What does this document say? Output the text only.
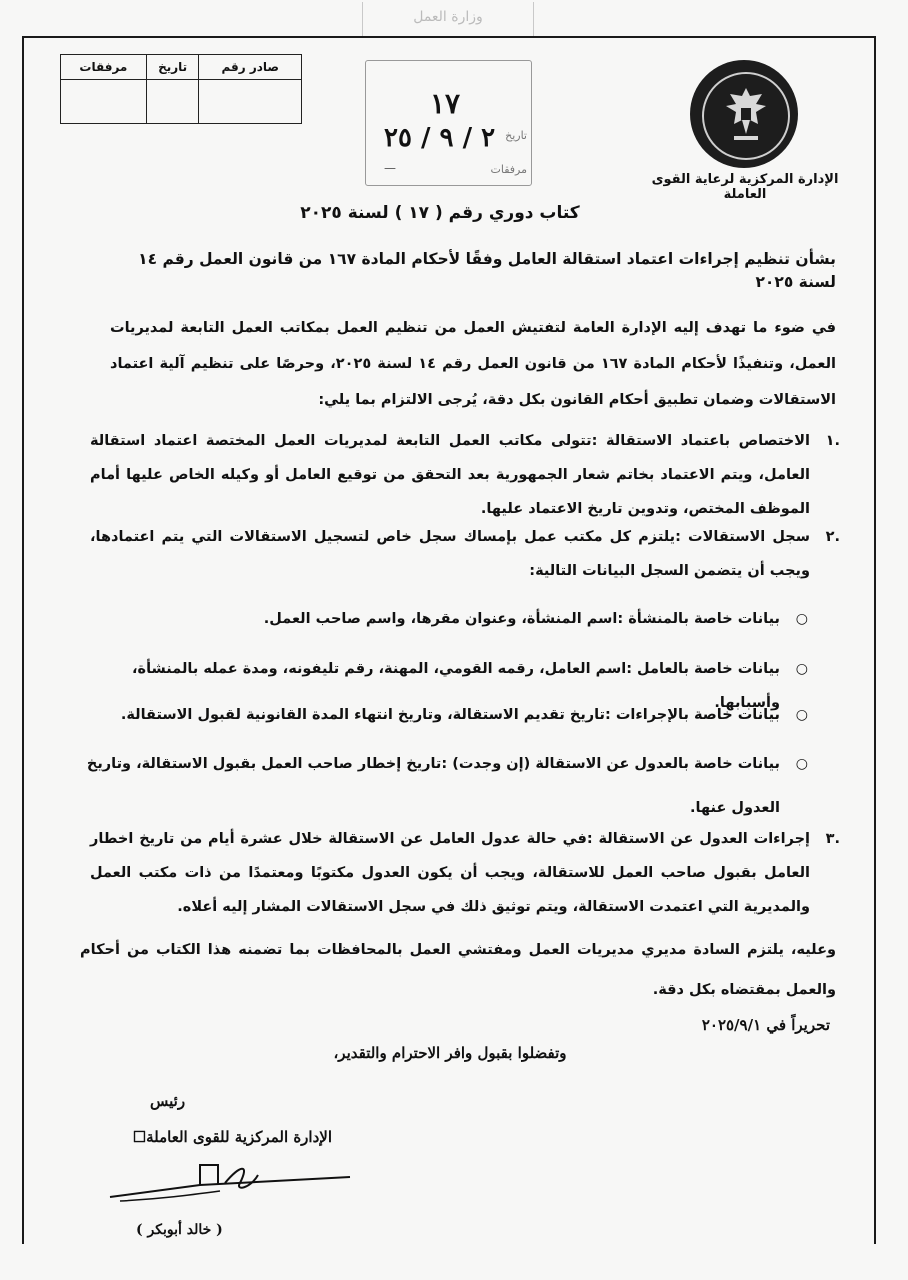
وزارة العمل
صادر رقم	تاريخ	مرفقات

١٧
تاريخ
٢ / ٩ / ٢٥
مرفقات
—
الإدارة المركزية لرعاية القوى العاملة
كتاب دوري رقم ( ١٧ ) لسنة ٢٠٢٥
بشأن تنظيم إجراءات اعتماد استقالة العامل وفقًا لأحكام المادة ١٦٧ من قانون العمل رقم ١٤ لسنة ٢٠٢٥
في ضوء ما تهدف إليه الإدارة العامة لتفتيش العمل من تنظيم العمل بمكاتب العمل التابعة لمديريات العمل، وتنفيذًا لأحكام المادة ١٦٧ من قانون العمل رقم ١٤ لسنة ٢٠٢٥، وحرصًا على تنظيم آلية اعتماد الاستقالات وضمان تطبيق أحكام القانون بكل دقة، يُرجى الالتزام بما يلي:
.١
الاختصاص باعتماد الاستقالة :تتولى مكاتب العمل التابعة لمديريات العمل المختصة اعتماد استقالة العامل، ويتم الاعتماد بخاتم شعار الجمهورية بعد التحقق من توقيع العامل أو وكيله الخاص عليها أمام الموظف المختص، وتدوين تاريخ الاعتماد عليها.
.٢
سجل الاستقالات :يلتزم كل مكتب عمل بإمساك سجل خاص لتسجيل الاستقالات التي يتم اعتمادها، ويجب أن يتضمن السجل البيانات التالية:
○
بيانات خاصة بالمنشأة :اسم المنشأة، وعنوان مقرها، واسم صاحب العمل.
○
بيانات خاصة بالعامل :اسم العامل، رقمه القومي، المهنة، رقم تليفونه، ومدة عمله بالمنشأة، وأسبابها.
○
بيانات خاصة بالإجراءات :تاريخ تقديم الاستقالة، وتاريخ انتهاء المدة القانونية لقبول الاستقالة.
○
بيانات خاصة بالعدول عن الاستقالة (إن وجدت) :تاريخ إخطار صاحب العمل بقبول الاستقالة، وتاريخ العدول عنها.
.٣
إجراءات العدول عن الاستقالة :في حالة عدول العامل عن الاستقالة خلال عشرة أيام من تاريخ اخطار العامل بقبول صاحب العمل للاستقالة، ويجب أن يكون العدول مكتوبًا ومعتمدًا من ذات مكتب العمل والمديرية التي اعتمدت الاستقالة، ويتم توثيق ذلك في سجل الاستقالات المشار إليه أعلاه.
وعليه، يلتزم السادة مديري مديريات العمل ومفتشي العمل بالمحافظات بما تضمنه هذا الكتاب من أحكام والعمل بمقتضاه بكل دقة.
تحريراً في ٢٠٢٥/٩/١
وتفضلوا بقبول وافر الاحترام والتقدير،
رئيس
الإدارة المركزية للقوى العاملة☐
( خالد أبوبكر )
